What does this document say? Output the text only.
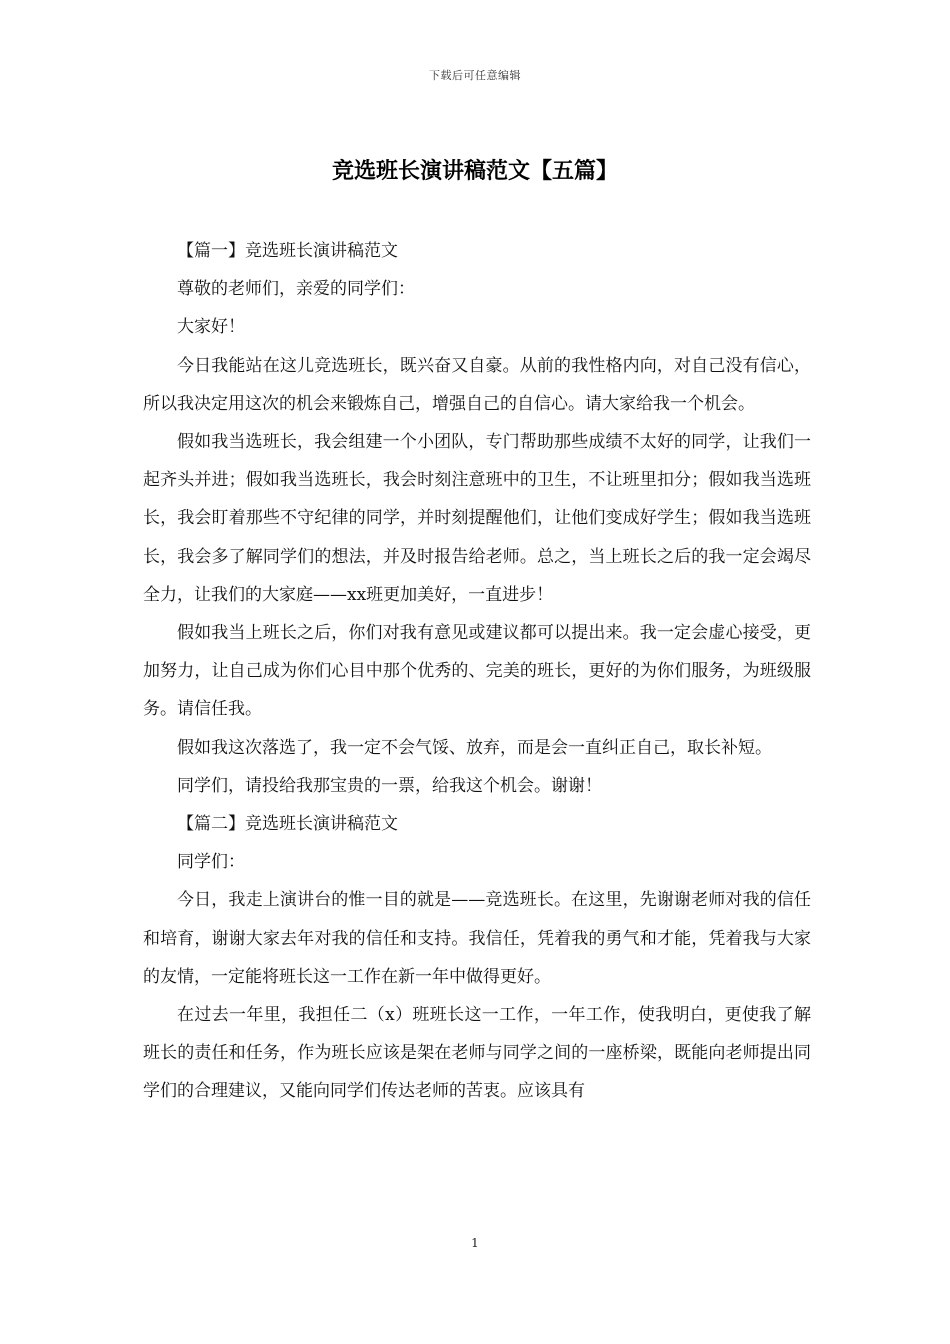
下载后可任意编辑
竞选班长演讲稿范文【五篇】

【篇一】竞选班长演讲稿范文

尊敬的老师们，亲爱的同学们：

大家好！

今日我能站在这儿竞选班长，既兴奋又自豪。从前的我性格内向，对自己没有信心，所以我决定用这次的机会来锻炼自己，增强自己的自信心。请大家给我一个机会。

假如我当选班长，我会组建一个小团队，专门帮助那些成绩不太好的同学，让我们一起齐头并进；假如我当选班长，我会时刻注意班中的卫生，不让班里扣分；假如我当选班长，我会盯着那些不守纪律的同学，并时刻提醒他们，让他们变成好学生；假如我当选班长，我会多了解同学们的想法，并及时报告给老师。总之，当上班长之后的我一定会竭尽全力，让我们的大家庭——xx班更加美好，一直进步！

假如我当上班长之后，你们对我有意见或建议都可以提出来。我一定会虚心接受，更加努力，让自己成为你们心目中那个优秀的、完美的班长，更好的为你们服务，为班级服务。请信任我。

假如我这次落选了，我一定不会气馁、放弃，而是会一直纠正自己，取长补短。

同学们，请投给我那宝贵的一票，给我这个机会。谢谢！

【篇二】竞选班长演讲稿范文

同学们：

今日，我走上演讲台的惟一目的就是——竞选班长。在这里，先谢谢老师对我的信任和培育，谢谢大家去年对我的信任和支持。我信任，凭着我的勇气和才能，凭着我与大家的友情，一定能将班长这一工作在新一年中做得更好。

在过去一年里，我担任二（x）班班长这一工作，一年工作，使我明白，更使我了解班长的责任和任务，作为班长应该是架在老师与同学之间的一座桥梁，既能向老师提出同学们的合理建议，又能向同学们传达老师的苦衷。应该具有

1
